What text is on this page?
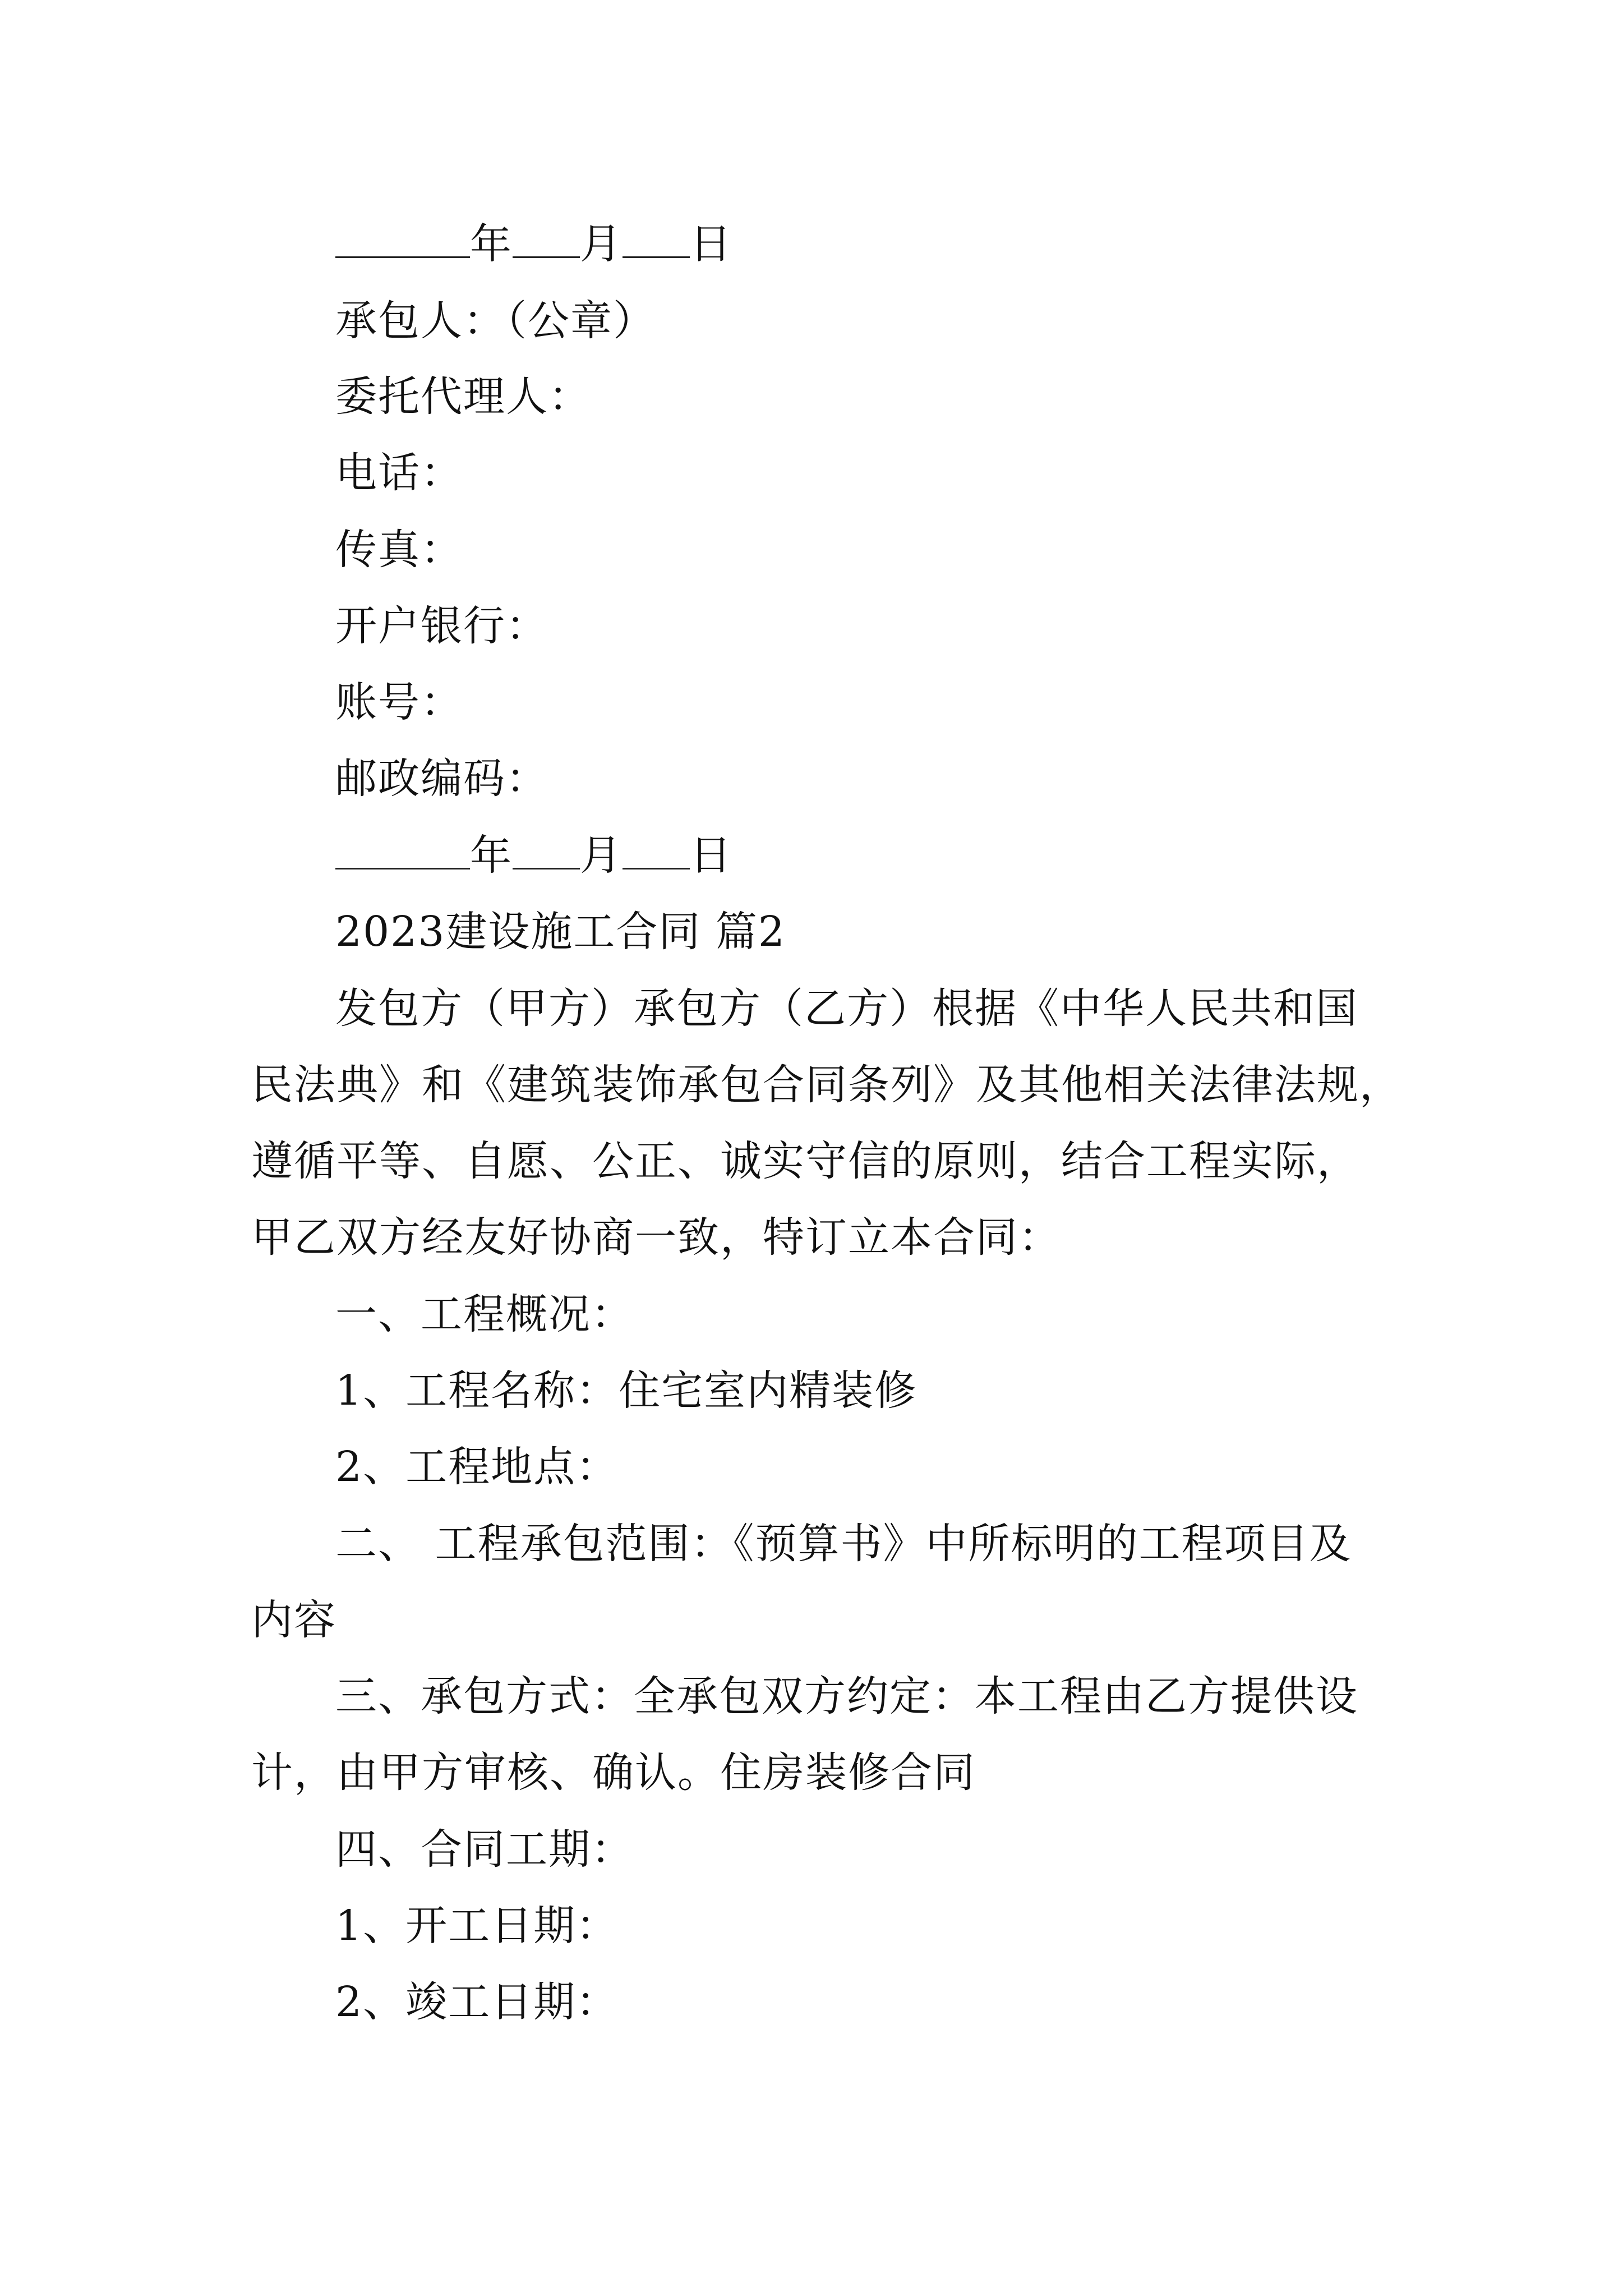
年 月 日
承包人：（公章）
委托代理人：
电话：
传真：
开户银行：
账号：
邮政编码：
年 月 日
2023建设施工合同 篇2
发包方（甲方）承包方（乙方）根据《中华人民共和国
民法典》和《建筑装饰承包合同条列》及其他相关法律法规，
遵循平等、自愿、公正、诚实守信的原则，结合工程实际，
甲乙双方经友好协商一致，特订立本合同：
一、工程概况：
1、工程名称：住宅室内精装修
2、工程地点：
二、 工程承包范围：《预算书》中所标明的工程项目及
内容
三、承包方式：全承包双方约定：本工程由乙方提供设
计，由甲方审核、确认。住房装修合同
四、合同工期：
1、开工日期：
2、竣工日期：
